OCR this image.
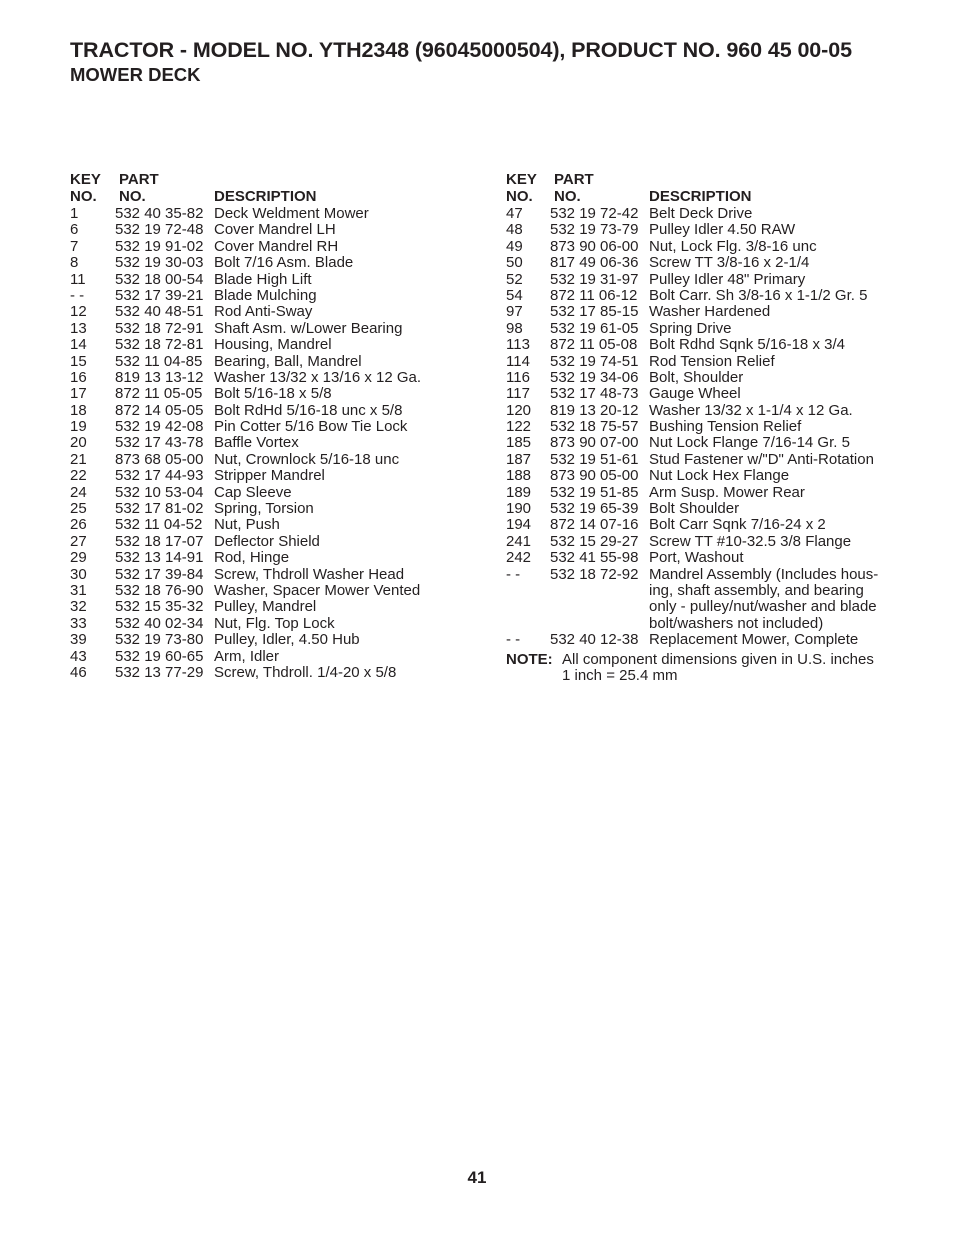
TRACTOR - MODEL NO. YTH2348 (96045000504), PRODUCT NO. 960 45 00-05
MOWER DECK
KEY
NO.
PART
NO.	DESCRIPTION
1 532 40 35-82 Deck Weldment Mower
6 532 19 72-48 Cover Mandrel LH
7 532 19 91-02 Cover Mandrel RH
8 532 19 30-03 Bolt 7/16 Asm. Blade
11 532 18 00-54 Blade High Lift
- - 532 17 39-21 Blade Mulching
12 532 40 48-51 Rod Anti-Sway
13 532 18 72-91 Shaft Asm. w/Lower Bearing
14 532 18 72-81 Housing, Mandrel
15 532 11 04-85 Bearing, Ball, Mandrel
16 819 13 13-12 Washer 13/32 x 13/16 x 12 Ga.
17 872 11 05-05 Bolt 5/16-18 x 5/8
18 872 14 05-05 Bolt RdHd 5/16-18 unc x 5/8
19 532 19 42-08 Pin Cotter 5/16 Bow Tie Lock
20 532 17 43-78 Baffle Vortex
21 873 68 05-00 Nut, Crownlock 5/16-18 unc
22 532 17 44-93 Stripper Mandrel
24 532 10 53-04 Cap Sleeve
25 532 17 81-02 Spring, Torsion
26 532 11 04-52 Nut, Push
27 532 18 17-07 Deflector Shield
29 532 13 14-91 Rod, Hinge
30 532 17 39-84 Screw, Thdroll Washer Head
31 532 18 76-90 Washer, Spacer Mower Vented
32 532 15 35-32 Pulley, Mandrel
33 532 40 02-34 Nut, Flg. Top Lock
39 532 19 73-80 Pulley, Idler, 4.50 Hub
43 532 19 60-65 Arm, Idler
46 532 13 77-29 Screw, Thdroll. 1/4-20 x 5/8
KEY
NO.
PART
NO.	DESCRIPTION
47 532 19 72-42 Belt Deck Drive
48 532 19 73-79 Pulley Idler 4.50 RAW
49 873 90 06-00 Nut, Lock Flg. 3/8-16 unc
50 817 49 06-36 Screw TT 3/8-16 x 2-1/4
52 532 19 31-97 Pulley Idler 48" Primary
54 872 11 06-12 Bolt Carr. Sh 3/8-16 x 1-1/2 Gr. 5
97 532 17 85-15 Washer Hardened
98 532 19 61-05 Spring Drive
113 872 11 05-08 Bolt Rdhd Sqnk 5/16-18 x 3/4
114 532 19 74-51 Rod Tension Relief
116 532 19 34-06 Bolt, Shoulder
117 532 17 48-73 Gauge Wheel
120 819 13 20-12 Washer 13/32 x 1-1/4 x 12 Ga.
122 532 18 75-57 Bushing Tension Relief
185 873 90 07-00 Nut Lock Flange 7/16-14 Gr. 5
187 532 19 51-61 Stud Fastener w/"D" Anti-Rotation
188 873 90 05-00 Nut Lock Hex Flange
189 532 19 51-85 Arm Susp. Mower Rear
190 532 19 65-39 Bolt Shoulder
194 872 14 07-16 Bolt Carr Sqnk 7/16-24 x 2
241 532 15 29-27 Screw TT #10-32.5 3/8 Flange
242 532 41 55-98 Port, Washout
- - 532 18 72-92 Mandrel Assembly (Includes hous-
ing, shaft assembly, and bearing
only - pulley/nut/washer and blade
bolt/washers not included)
- - 532 40 12-38 Replacement Mower, Complete
NOTE: All component dimensions given in U.S. inches
1 inch = 25.4 mm
41
